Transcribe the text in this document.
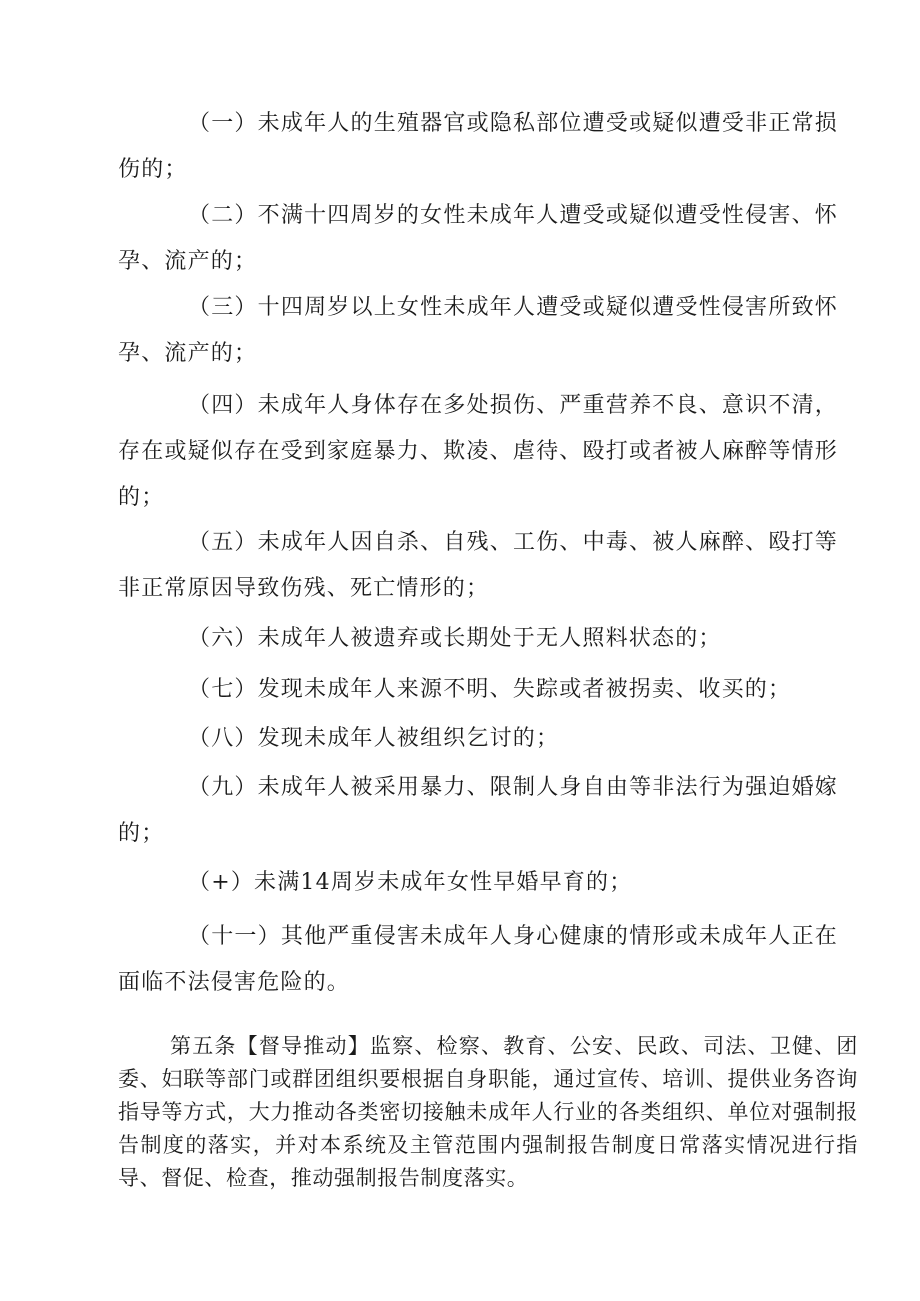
（一）未成年人的生殖器官或隐私部位遭受或疑似遭受非正常损伤的；

（二）不满十四周岁的女性未成年人遭受或疑似遭受性侵害、怀孕、流产的；

（三）十四周岁以上女性未成年人遭受或疑似遭受性侵害所致怀孕、流产的；

（四）未成年人身体存在多处损伤、严重营养不良、意识不清，存在或疑似存在受到家庭暴力、欺凌、虐待、殴打或者被人麻醉等情形的；

（五）未成年人因自杀、自残、工伤、中毒、被人麻醉、殴打等非正常原因导致伤残、死亡情形的；

（六）未成年人被遗弃或长期处于无人照料状态的；

（七）发现未成年人来源不明、失踪或者被拐卖、收买的；

（八）发现未成年人被组织乞讨的；

（九）未成年人被采用暴力、限制人身自由等非法行为强迫婚嫁的；

（+）未满14周岁未成年女性早婚早育的；

（十一）其他严重侵害未成年人身心健康的情形或未成年人正在面临不法侵害危险的。

第五条【督导推动】监察、检察、教育、公安、民政、司法、卫健、团委、妇联等部门或群团组织要根据自身职能，通过宣传、培训、提供业务咨询指导等方式，大力推动各类密切接触未成年人行业的各类组织、单位对强制报告制度的落实，并对本系统及主管范围内强制报告制度日常落实情况进行指导、督促、检查，推动强制报告制度落实。
